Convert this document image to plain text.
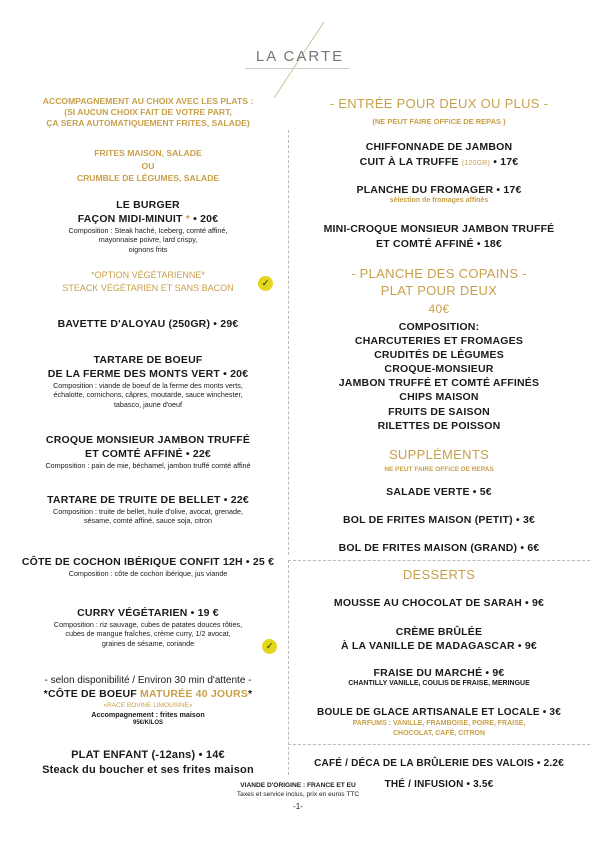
LA CARTE
ACCOMPAGNEMENT AU CHOIX AVEC LES PLATS :
(SI AUCUN CHOIX FAIT DE VOTRE PART,
ÇA SERA AUTOMATIQUEMENT FRITES, SALADE)
FRITES MAISON, SALADE
OU
CRUMBLE DE LÉGUMES, SALADE
LE BURGER
FAÇON MIDI-MINUIT * • 20€
Composition : Steak haché, Iceberg, comté affiné,
mayonnaise poivre, lard crispy,
oignons frits
*OPTION VÉGÉTARIENNE*
STEACK VÉGÉTARIEN ET SANS BACON	✓
BAVETTE D'ALOYAU (250GR) • 29€
TARTARE DE BOEUF
DE LA FERME DES MONTS VERT • 20€
Composition : viande de boeuf de la ferme des monts verts,
échalotte, cornichons, câpres, moutarde, sauce winchester,
tabasco, jaune d'oeuf
CROQUE MONSIEUR JAMBON TRUFFÉ
ET COMTÉ AFFINÉ • 22€
Composition : pain de mie, béchamel, jambon truffé comté affiné
TARTARE DE TRUITE DE BELLET • 22€
Composition : truite de bellet, huile d'olive, avocat, grenade,
sésame, comté affiné, sauce soja, citron
CÔTE DE COCHON IBÉRIQUE CONFIT 12H • 25 €
Composition : côte de cochon ibérique, jus viande
CURRY VÉGÉTARIEN • 19 €
Composition : riz sauvage, cubes de patates douces rôties,
cubes de mangue fraîches, crème curry, 1/2 avocat,
graines de sésame, coriande	✓
- selon disponibilité / Environ 30 min d'attente -
*CÔTE DE BOEUF MATURÉE 40 JOURS*
«RACE BOVINE LIMOUSINE»
Accompagnement : frites maison
95€/KILOS
PLAT ENFANT (-12ans) • 14€
Steack du boucher et ses frites maison
- ENTRÉE POUR DEUX OU PLUS -
(NE PEUT FAIRE OFFICE DE REPAS )
CHIFFONNADE DE JAMBON
CUIT À LA TRUFFE (120GR) • 17€
PLANCHE DU FROMAGER • 17€
sélection de fromages affinés
MINI-CROQUE MONSIEUR JAMBON TRUFFÉ
ET COMTÉ AFFINÉ • 18€
- PLANCHE DES COPAINS -
PLAT POUR DEUX
40€
COMPOSITION:
CHARCUTERIES ET FROMAGES
CRUDITÉS DE LÉGUMES
CROQUE-MONSIEUR
JAMBON TRUFFÉ ET COMTÉ AFFINÉS
CHIPS MAISON
FRUITS DE SAISON
RILETTES DE POISSON
SUPPLÉMENTS
NE PEUT FAIRE OFFICE DE REPAS
SALADE VERTE • 5€
BOL DE FRITES MAISON (PETIT) • 3€
BOL DE FRITES MAISON (GRAND) • 6€
DESSERTS
MOUSSE AU CHOCOLAT DE SARAH • 9€
CRÈME BRÛLÉE
À LA VANILLE DE MADAGASCAR • 9€
FRAISE DU MARCHÉ • 9€
CHANTILLY VANILLE, COULIS DE FRAISE, MERINGUE
BOULE DE GLACE ARTISANALE ET LOCALE • 3€
PARFUMS : VANILLE, FRAMBOISE, POIRE, FRAISE,
CHOCOLAT, CAFÉ, CITRON
CAFÉ / DÉCA DE LA BRÛLERIE DES VALOIS • 2.2€
THÉ / INFUSION • 3.5€
VIANDE D'ORIGINE : FRANCE ET EU
Taxes et service inclus, prix en euros TTC
-1-
